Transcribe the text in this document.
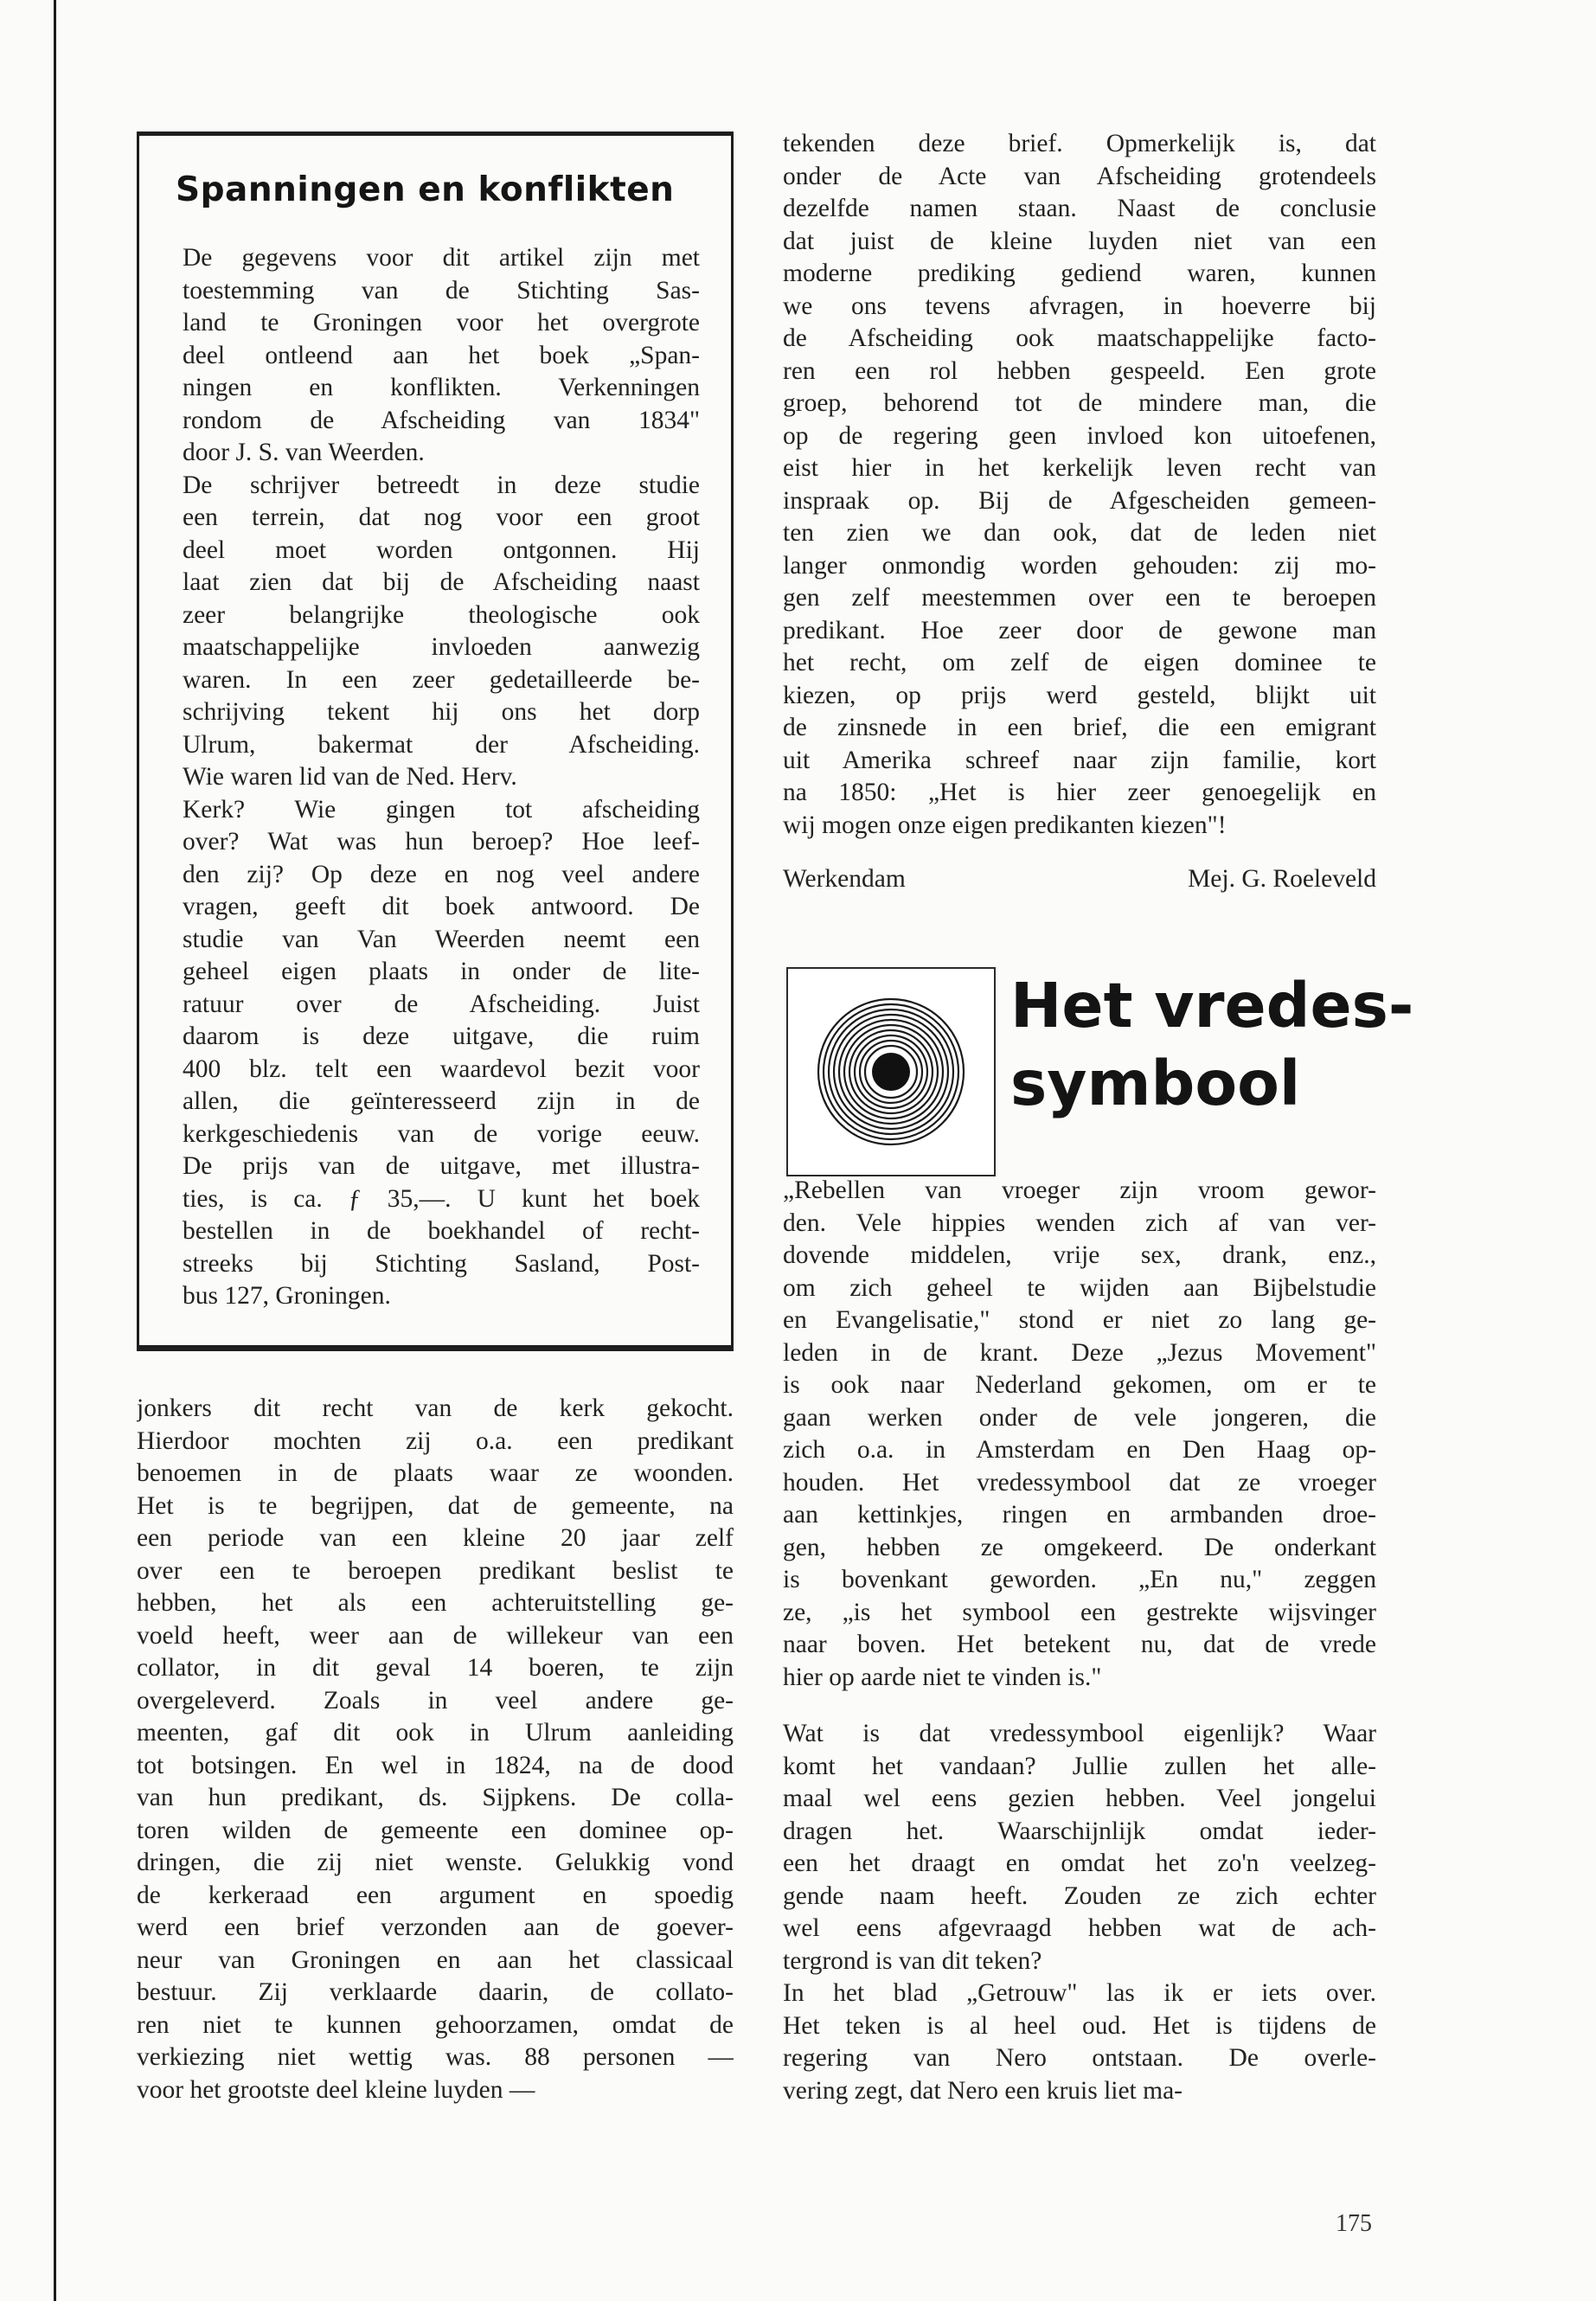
Spanningen en konflikten
De gegevens voor dit artikel zijn met
toestemming van de Stichting Sas-
land te Groningen voor het overgrote
deel ontleend aan het boek „Span-
ningen en konflikten. Verkenningen
rondom de Afscheiding van 1834"
door J. S. van Weerden.
De schrijver betreedt in deze studie
een terrein, dat nog voor een groot
deel moet worden ontgonnen. Hij
laat zien dat bij de Afscheiding naast
zeer belangrijke theologische ook
maatschappelijke invloeden aanwezig
waren. In een zeer gedetailleerde be-
schrijving tekent hij ons het dorp
Ulrum, bakermat der Afscheiding.
Wie waren lid van de Ned. Herv.
Kerk? Wie gingen tot afscheiding
over? Wat was hun beroep? Hoe leef-
den zij? Op deze en nog veel andere
vragen, geeft dit boek antwoord. De
studie van Van Weerden neemt een
geheel eigen plaats in onder de lite-
ratuur over de Afscheiding. Juist
daarom is deze uitgave, die ruim
400 blz. telt een waardevol bezit voor
allen, die geïnteresseerd zijn in de
kerkgeschiedenis van de vorige eeuw.
De prijs van de uitgave, met illustra-
ties, is ca. ƒ 35,—. U kunt het boek
bestellen in de boekhandel of recht-
streeks bij Stichting Sasland, Post-
bus 127, Groningen.
jonkers dit recht van de kerk gekocht.
Hierdoor mochten zij o.a. een predikant
benoemen in de plaats waar ze woonden.
Het is te begrijpen, dat de gemeente, na
een periode van een kleine 20 jaar zelf
over een te beroepen predikant beslist te
hebben, het als een achteruitstelling ge-
voeld heeft, weer aan de willekeur van een
collator, in dit geval 14 boeren, te zijn
overgeleverd. Zoals in veel andere ge-
meenten, gaf dit ook in Ulrum aanleiding
tot botsingen. En wel in 1824, na de dood
van hun predikant, ds. Sijpkens. De colla-
toren wilden de gemeente een dominee op-
dringen, die zij niet wenste. Gelukkig vond
de kerkeraad een argument en spoedig
werd een brief verzonden aan de goever-
neur van Groningen en aan het classicaal
bestuur. Zij verklaarde daarin, de collato-
ren niet te kunnen gehoorzamen, omdat de
verkiezing niet wettig was. 88 personen —
voor het grootste deel kleine luyden —
tekenden deze brief. Opmerkelijk is, dat
onder de Acte van Afscheiding grotendeels
dezelfde namen staan. Naast de conclusie
dat juist de kleine luyden niet van een
moderne prediking gediend waren, kunnen
we ons tevens afvragen, in hoeverre bij
de Afscheiding ook maatschappelijke facto-
ren een rol hebben gespeeld. Een grote
groep, behorend tot de mindere man, die
op de regering geen invloed kon uitoefenen,
eist hier in het kerkelijk leven recht van
inspraak op. Bij de Afgescheiden gemeen-
ten zien we dan ook, dat de leden niet
langer onmondig worden gehouden: zij mo-
gen zelf meestemmen over een te beroepen
predikant. Hoe zeer door de gewone man
het recht, om zelf de eigen dominee te
kiezen, op prijs werd gesteld, blijkt uit
de zinsnede in een brief, die een emigrant
uit Amerika schreef naar zijn familie, kort
na 1850: „Het is hier zeer genoegelijk en
wij mogen onze eigen predikanten kiezen"!
Werkendam	Mej. G. Roeleveld
Het vredes-
symbool
„Rebellen van vroeger zijn vroom gewor-
den. Vele hippies wenden zich af van ver-
dovende middelen, vrije sex, drank, enz.,
om zich geheel te wijden aan Bijbelstudie
en Evangelisatie," stond er niet zo lang ge-
leden in de krant. Deze „Jezus Movement"
is ook naar Nederland gekomen, om er te
gaan werken onder de vele jongeren, die
zich o.a. in Amsterdam en Den Haag op-
houden. Het vredessymbool dat ze vroeger
aan kettinkjes, ringen en armbanden droe-
gen, hebben ze omgekeerd. De onderkant
is bovenkant geworden. „En nu," zeggen
ze, „is het symbool een gestrekte wijsvinger
naar boven. Het betekent nu, dat de vrede
hier op aarde niet te vinden is."
Wat is dat vredessymbool eigenlijk? Waar
komt het vandaan? Jullie zullen het alle-
maal wel eens gezien hebben. Veel jongelui
dragen het. Waarschijnlijk omdat ieder-
een het draagt en omdat het zo'n veelzeg-
gende naam heeft. Zouden ze zich echter
wel eens afgevraagd hebben wat de ach-
tergrond is van dit teken?
In het blad „Getrouw" las ik er iets over.
Het teken is al heel oud. Het is tijdens de
regering van Nero ontstaan. De overle-
vering zegt, dat Nero een kruis liet ma-
175
